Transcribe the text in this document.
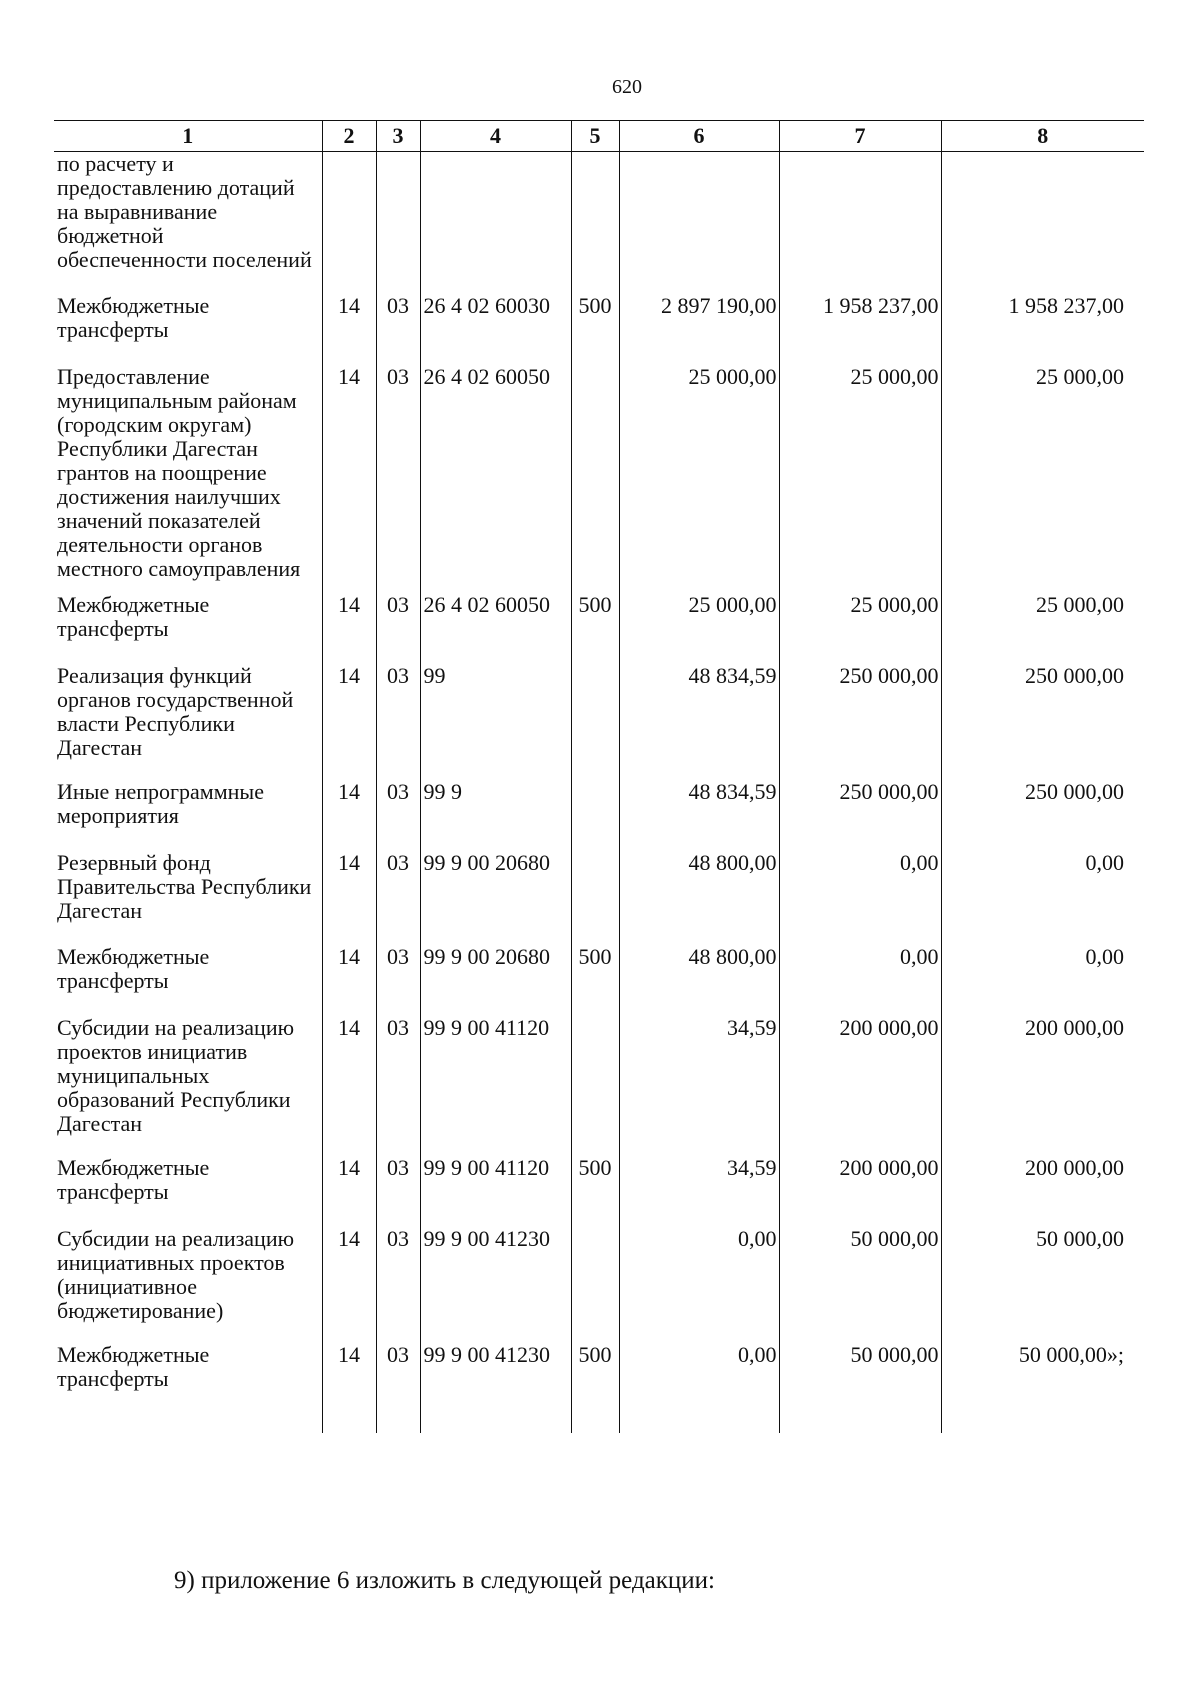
620
1	2	3	4	5	6	7	8
по расчету и предоставлению дотаций на выравнивание бюджетной обеспеченности поселений							
Межбюджетные трансферты	14	03	26 4 02 60030	500	2 897 190,00	1 958 237,00	1 958 237,00
Предоставление муниципальным районам (городским округам) Республики Дагестан грантов на поощрение достижения наилучших значений показателей деятельности органов местного самоуправления	14	03	26 4 02 60050		25 000,00	25 000,00	25 000,00
Межбюджетные трансферты	14	03	26 4 02 60050	500	25 000,00	25 000,00	25 000,00
Реализация функций органов государственной власти Республики Дагестан	14	03	99		48 834,59	250 000,00	250 000,00
Иные непрограммные мероприятия	14	03	99 9		48 834,59	250 000,00	250 000,00
Резервный фонд Правительства Республики Дагестан	14	03	99 9 00 20680		48 800,00	0,00	0,00
Межбюджетные трансферты	14	03	99 9 00 20680	500	48 800,00	0,00	0,00
Субсидии на реализацию проектов инициатив муниципальных образований Республики Дагестан	14	03	99 9 00 41120		34,59	200 000,00	200 000,00
Межбюджетные трансферты	14	03	99 9 00 41120	500	34,59	200 000,00	200 000,00
Субсидии на реализацию инициативных проектов (инициативное бюджетирование)	14	03	99 9 00 41230		0,00	50 000,00	50 000,00
Межбюджетные трансферты	14	03	99 9 00 41230	500	0,00	50 000,00	50 000,00»;
9) приложение 6 изложить в следующей редакции:
